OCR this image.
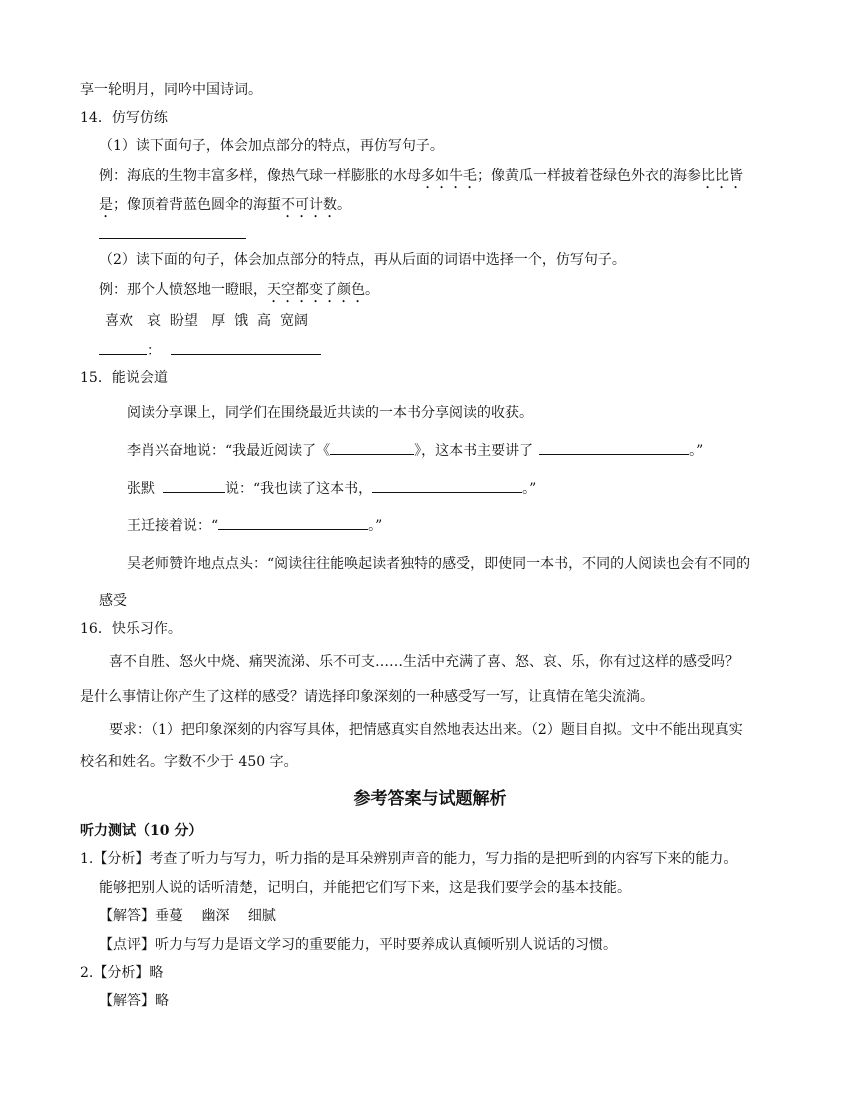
享一轮明月，同吟中国诗词。
14．仿写仿练
（1）读下面句子，体会加点部分的特点，再仿写句子。
例：海底的生物丰富多样，像热气球一样膨胀的水母多如牛毛；像黄瓜一样披着苍绿色外衣的海参比比皆
是；像顶着背蓝色圆伞的海蜇不可计数。
（2）读下面的句子，体会加点部分的特点，再从后面的词语中选择一个，仿写句子。
例：那个人愤怒地一瞪眼，天空都变了颜色。
喜欢　哀  盼望   厚  饿  高  宽阔
：
15．能说会道
阅读分享课上，同学们在围绕最近共读的一本书分享阅读的收获。
李肖兴奋地说：“我最近阅读了《	》，这本书主要讲了	。”
张默	说：“我也读了这本书，	。”
王迁接着说：“	。”
吴老师赞许地点点头：“阅读往往能唤起读者独特的感受，即使同一本书，不同的人阅读也会有不同的
感受
16．快乐习作。
喜不自胜、怒火中烧、痛哭流涕、乐不可支……生活中充满了喜、怒、哀、乐，你有过这样的感受吗？
是什么事情让你产生了这样的感受？请选择印象深刻的一种感受写一写，让真情在笔尖流淌。
要求：（1）把印象深刻的内容写具体，把情感真实自然地表达出来。（2）题目自拟。文中不能出现真实
校名和姓名。字数不少于 450 字。
参考答案与试题解析
听力测试（10 分）
1.【分析】考查了听力与写力，听力指的是耳朵辨别声音的能力，写力指的是把听到的内容写下来的能力。
能够把别人说的话听清楚，记明白，并能把它们写下来，这是我们要学会的基本技能。
【解答】垂蔓　 幽深　 细腻
【点评】听力与写力是语文学习的重要能力，平时要养成认真倾听别人说话的习惯。
2.【分析】略
【解答】略
